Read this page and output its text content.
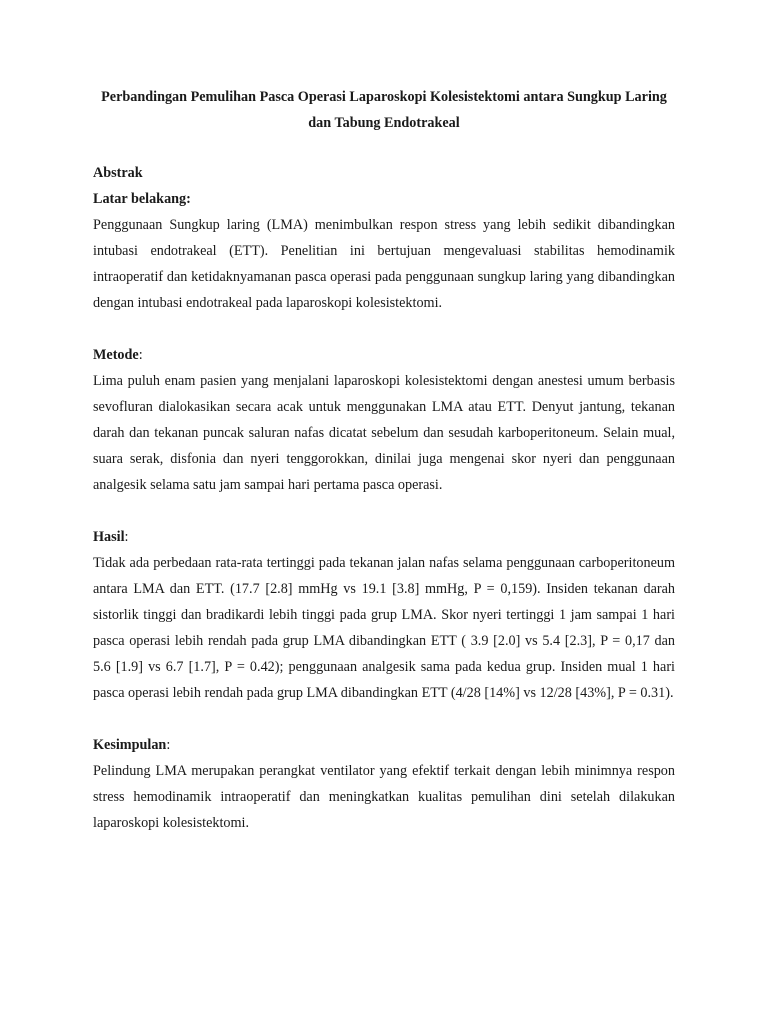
Perbandingan Pemulihan Pasca Operasi Laparoskopi Kolesistektomi antara Sungkup Laring dan Tabung Endotrakeal
Abstrak
Latar belakang:

Penggunaan Sungkup laring (LMA) menimbulkan respon stress yang lebih sedikit dibandingkan intubasi endotrakeal (ETT). Penelitian ini bertujuan mengevaluasi stabilitas hemodinamik intraoperatif dan ketidaknyamanan pasca operasi pada penggunaan sungkup laring yang dibandingkan dengan intubasi endotrakeal pada laparoskopi kolesistektomi.

Metode:

Lima puluh enam pasien yang menjalani laparoskopi kolesistektomi dengan anestesi umum berbasis sevofluran dialokasikan secara acak untuk menggunakan LMA atau ETT. Denyut jantung, tekanan darah dan tekanan puncak saluran nafas dicatat sebelum dan sesudah karboperitoneum. Selain mual, suara serak, disfonia dan nyeri tenggorokkan, dinilai juga mengenai skor nyeri dan penggunaan analgesik selama satu jam sampai hari pertama pasca operasi.

Hasil:

Tidak ada perbedaan rata-rata tertinggi pada tekanan jalan nafas selama penggunaan carboperitoneum antara LMA dan ETT. (17.7 [2.8] mmHg vs 19.1 [3.8] mmHg, P = 0,159). Insiden tekanan darah sistorlik tinggi dan bradikardi lebih tinggi pada grup LMA. Skor nyeri tertinggi 1 jam sampai 1 hari pasca operasi lebih rendah pada grup LMA dibandingkan ETT ( 3.9 [2.0] vs 5.4 [2.3], P = 0,17 dan 5.6 [1.9] vs 6.7 [1.7], P = 0.42); penggunaan analgesik sama pada kedua grup. Insiden mual 1 hari pasca operasi lebih rendah pada grup LMA dibandingkan ETT (4/28 [14%] vs 12/28 [43%], P = 0.31).

Kesimpulan:

Pelindung LMA merupakan perangkat ventilator yang efektif terkait dengan lebih minimnya respon stress hemodinamik intraoperatif dan meningkatkan kualitas pemulihan dini setelah dilakukan laparoskopi kolesistektomi.
